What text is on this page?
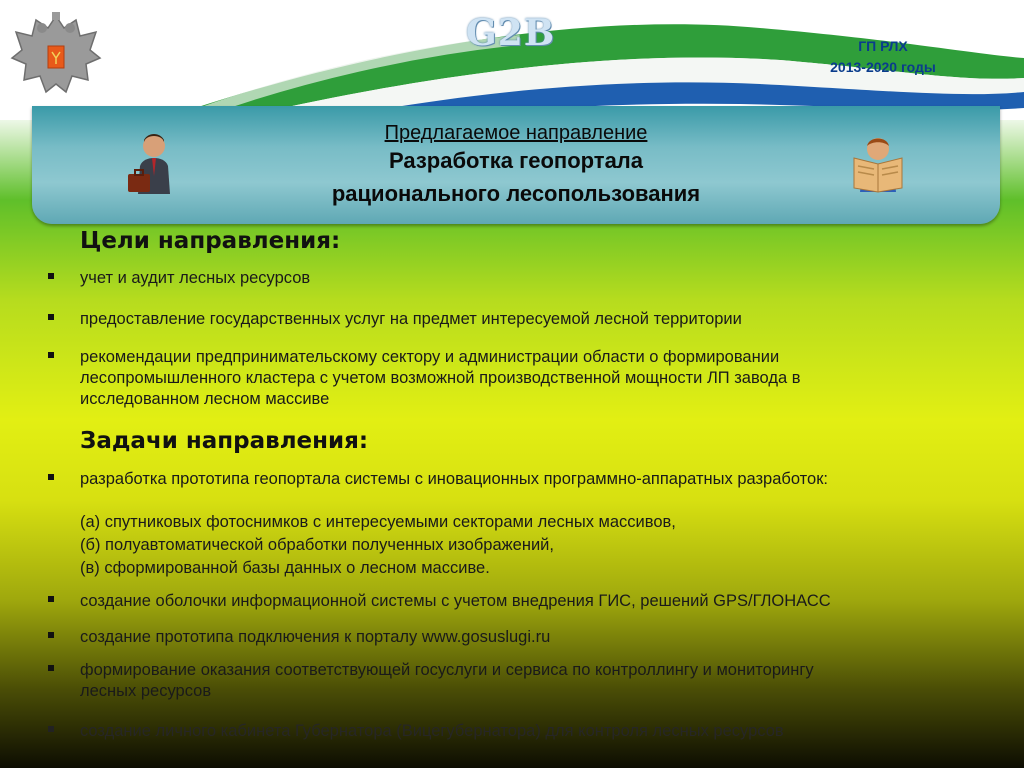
G2B	ГП РЛХ
2013-2020 годы
Предлагаемое направление
Разработка геопортала
рационального лесопользования
Цели направления:
учет и аудит лесных ресурсов
предоставление государственных услуг на предмет интересуемой лесной территории
рекомендации предпринимательскому сектору и администрации области о формировании
лесопромышленного кластера с учетом возможной производственной мощности ЛП завода в
исследованном лесном массиве
Задачи направления:
разработка прототипа геопортала системы с иновационных программно-аппаратных разработок:
(а) спутниковых фотоснимков с интересуемыми секторами лесных массивов,
(б) полуавтоматической обработки полученных изображений,
(в) сформированной базы данных о лесном массиве.
создание оболочки информационной системы с учетом внедрения ГИС, решений GPS/ГЛОНАСС
создание прототипа подключения к порталу www.gosuslugi.ru
формирование оказания соответствующей госуслуги и сервиса по контроллингу и мониторингу
лесных ресурсов
создание личного кабинета Губернатора (Вицегубернатора) для контроля лесных ресурсов
